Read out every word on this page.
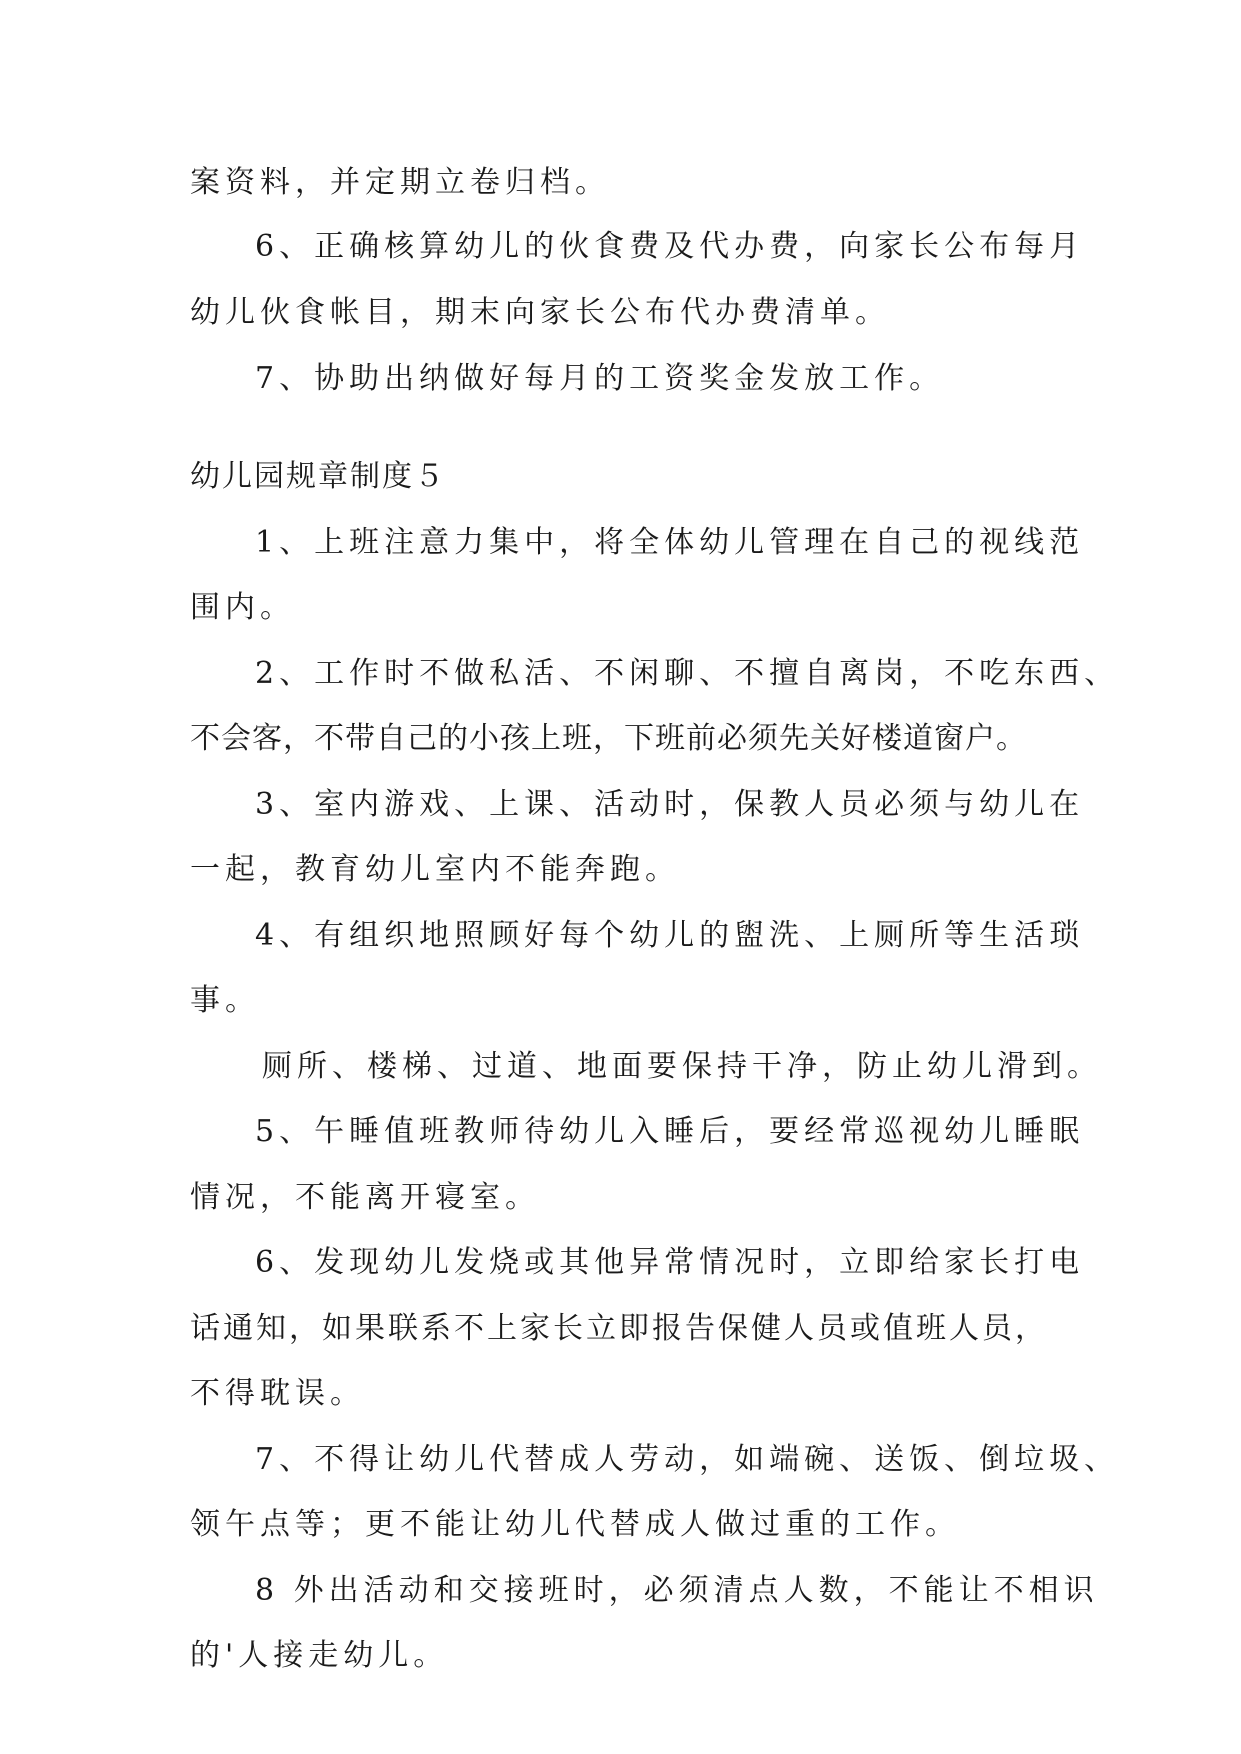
案资料，并定期立卷归档。
6、正确核算幼儿的伙食费及代办费，向家长公布每月
幼儿伙食帐目，期末向家长公布代办费清单。
7、协助出纳做好每月的工资奖金发放工作。
幼儿园规章制度５
1、上班注意力集中，将全体幼儿管理在自己的视线范
围内。
2、工作时不做私活、不闲聊、不擅自离岗，不吃东西、
不会客，不带自己的小孩上班，下班前必须先关好楼道窗户。
3、室内游戏、上课、活动时，保教人员必须与幼儿在
一起，教育幼儿室内不能奔跑。
4、有组织地照顾好每个幼儿的盥洗、上厕所等生活琐
事。
厕所、楼梯、过道、地面要保持干净，防止幼儿滑到。
5、午睡值班教师待幼儿入睡后，要经常巡视幼儿睡眠
情况，不能离开寝室。
6、发现幼儿发烧或其他异常情况时，立即给家长打电
话通知，如果联系不上家长立即报告保健人员或值班人员，
不得耽误。
7、不得让幼儿代替成人劳动，如端碗、送饭、倒垃圾、
领午点等；更不能让幼儿代替成人做过重的工作。
8 外出活动和交接班时，必须清点人数，不能让不相识
的'人接走幼儿。
